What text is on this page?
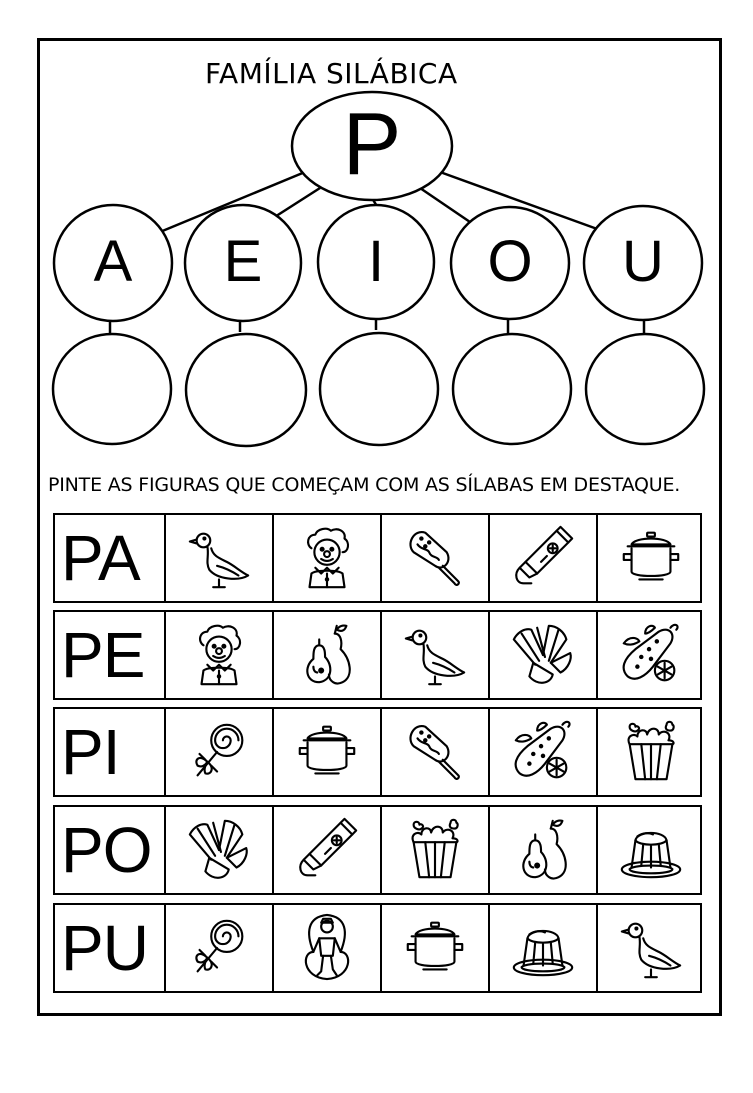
FAMÍLIA SILÁBICA
P
A	E	I	O	U
PINTE AS FIGURAS QUE COMEÇAM COM AS SÍLABAS EM DESTAQUE.
PA
PE
PI
PO
PU
